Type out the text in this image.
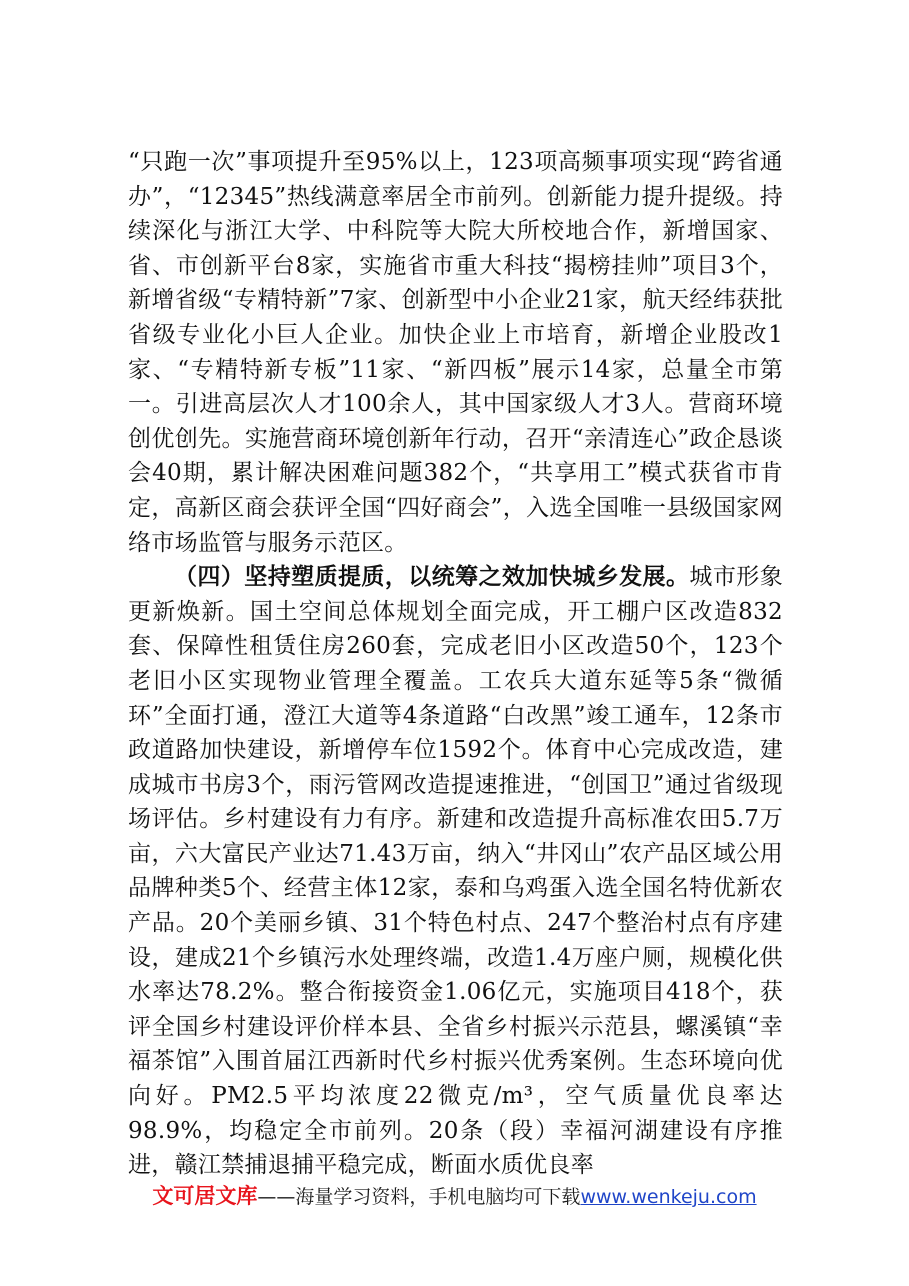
“只跑一次”事项提升至95%以上，123项高频事项实现“跨省通办”，“12345”热线满意率居全市前列。创新能力提升提级。持续深化与浙江大学、中科院等大院大所校地合作，新增国家、省、市创新平台8家，实施省市重大科技“揭榜挂帅”项目3个，新增省级“专精特新”7家、创新型中小企业21家，航天经纬获批省级专业化小巨人企业。加快企业上市培育，新增企业股改1家、“专精特新专板”11家、“新四板”展示14家，总量全市第一。引进高层次人才100余人，其中国家级人才3人。营商环境创优创先。实施营商环境创新年行动，召开“亲清连心”政企恳谈会40期，累计解决困难问题382个，“共享用工”模式获省市肯定，高新区商会获评全国“四好商会”，入选全国唯一县级国家网络市场监管与服务示范区。

（四）坚持塑质提质，以统筹之效加快城乡发展。城市形象更新焕新。国土空间总体规划全面完成，开工棚户区改造832套、保障性租赁住房260套，完成老旧小区改造50个，123个老旧小区实现物业管理全覆盖。工农兵大道东延等5条“微循环”全面打通，澄江大道等4条道路“白改黑”竣工通车，12条市政道路加快建设，新增停车位1592个。体育中心完成改造，建成城市书房3个，雨污管网改造提速推进，“创国卫”通过省级现场评估。乡村建设有力有序。新建和改造提升高标准农田5.7万亩，六大富民产业达71.43万亩，纳入“井冈山”农产品区域公用品牌种类5个、经营主体12家，泰和乌鸡蛋入选全国名特优新农产品。20个美丽乡镇、31个特色村点、247个整治村点有序建设，建成21个乡镇污水处理终端，改造1.4万座户厕，规模化供水率达78.2%。整合衔接资金1.06亿元，实施项目418个，获评全国乡村建设评价样本县、全省乡村振兴示范县，螺溪镇“幸福茶馆”入围首届江西新时代乡村振兴优秀案例。生态环境向优向好。PM2.5平均浓度22微克/m³，空气质量优良率达98.9%，均稳定全市前列。20条（段）幸福河湖建设有序推进，赣江禁捕退捕平稳完成，断面水质优良率

文可居文库——海量学习资料，手机电脑均可下载www.wenkeju.com
